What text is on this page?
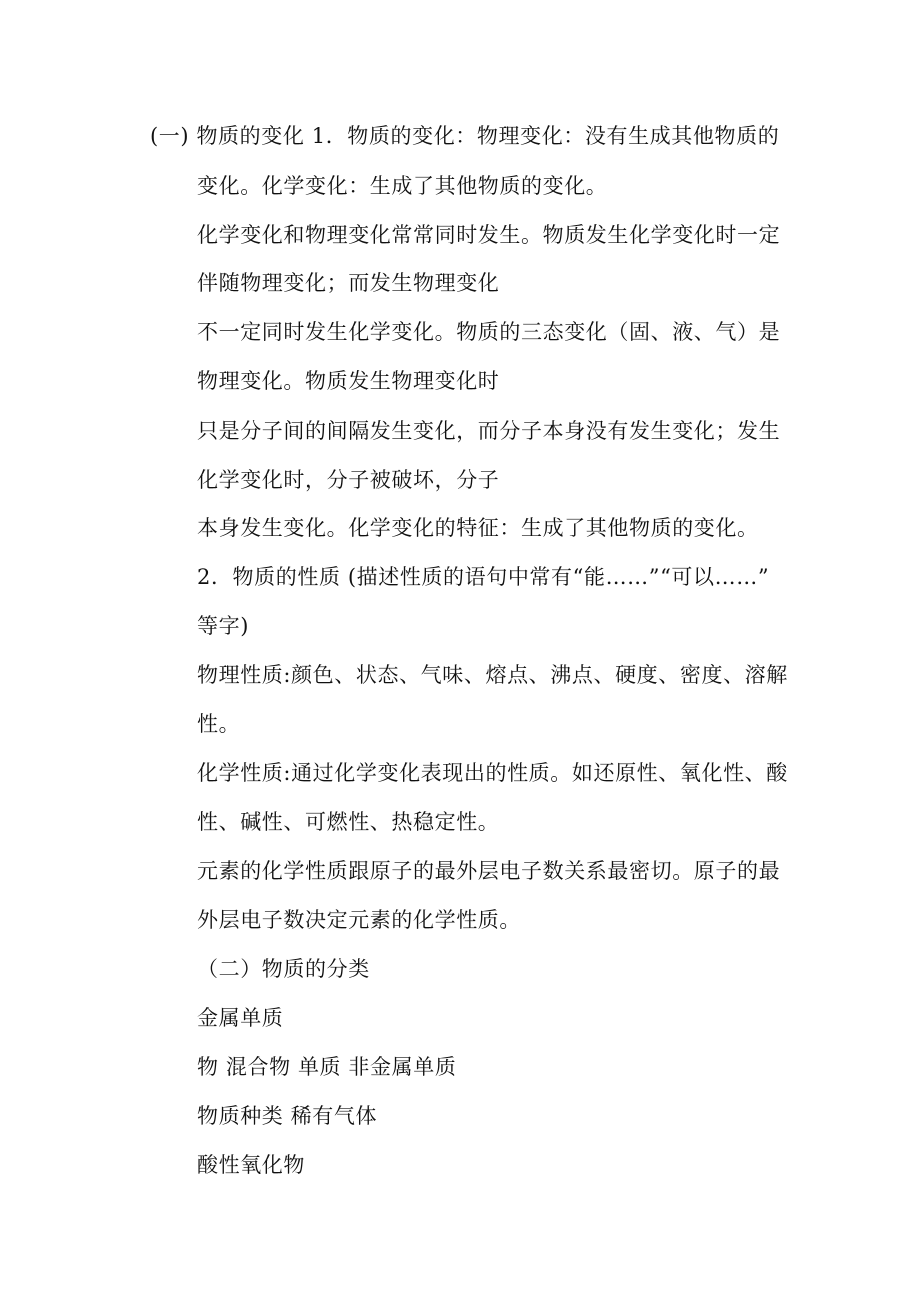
(一) 物质的变化 1．物质的变化：物理变化：没有生成其他物质的
变化。化学变化：生成了其他物质的变化。
化学变化和物理变化常常同时发生。物质发生化学变化时一定
伴随物理变化；而发生物理变化
不一定同时发生化学变化。物质的三态变化（固、液、气）是
物理变化。物质发生物理变化时
只是分子间的间隔发生变化，而分子本身没有发生变化；发生
化学变化时，分子被破坏，分子
本身发生变化。化学变化的特征：生成了其他物质的变化。
2．物质的性质 (描述性质的语句中常有“能……”“可以……”
等字)
物理性质:颜色、状态、气味、熔点、沸点、硬度、密度、溶解
性。
化学性质:通过化学变化表现出的性质。如还原性、氧化性、酸
性、碱性、可燃性、热稳定性。
元素的化学性质跟原子的最外层电子数关系最密切。原子的最
外层电子数决定元素的化学性质。
（二）物质的分类
金属单质
物 混合物 单质 非金属单质
物质种类 稀有气体
酸性氧化物
